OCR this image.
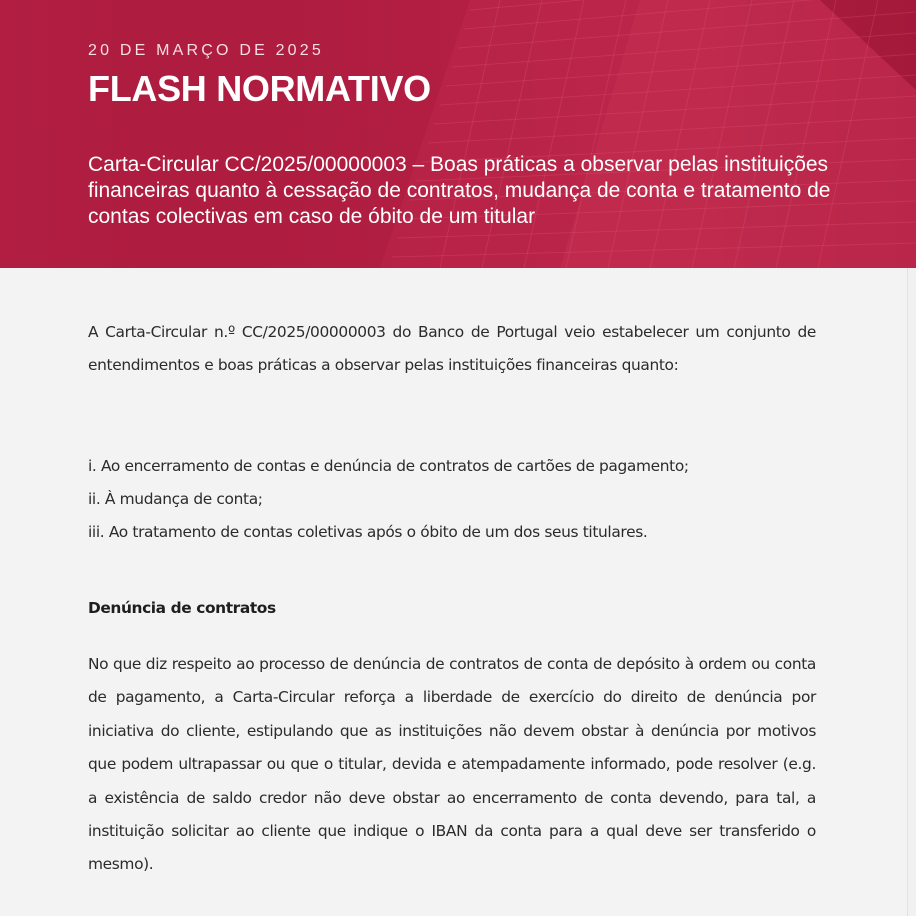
20 DE MARÇO DE 2025
FLASH NORMATIVO
Carta-Circular CC/2025/00000003 – Boas práticas a observar pelas instituições financeiras quanto à cessação de contratos, mudança de conta e tratamento de contas colectivas em caso de óbito de um titular

A Carta-Circular n.º CC/2025/00000003 do Banco de Portugal veio estabelecer um conjunto de entendimentos e boas práticas a observar pelas instituições financeiras quanto:

i. Ao encerramento de contas e denúncia de contratos de cartões de pagamento;
ii. À mudança de conta;
iii. Ao tratamento de contas coletivas após o óbito de um dos seus titulares.
Denúncia de contratos

No que diz respeito ao processo de denúncia de contratos de conta de depósito à ordem ou conta de pagamento, a Carta-Circular reforça a liberdade de exercício do direito de denúncia por iniciativa do cliente, estipulando que as instituições não devem obstar à denúncia por motivos que podem ultrapassar ou que o titular, devida e atempadamente informado, pode resolver (e.g. a existência de saldo credor não deve obstar ao encerramento de conta devendo, para tal, a instituição solicitar ao cliente que indique o IBAN da conta para a qual deve ser transferido o mesmo).
